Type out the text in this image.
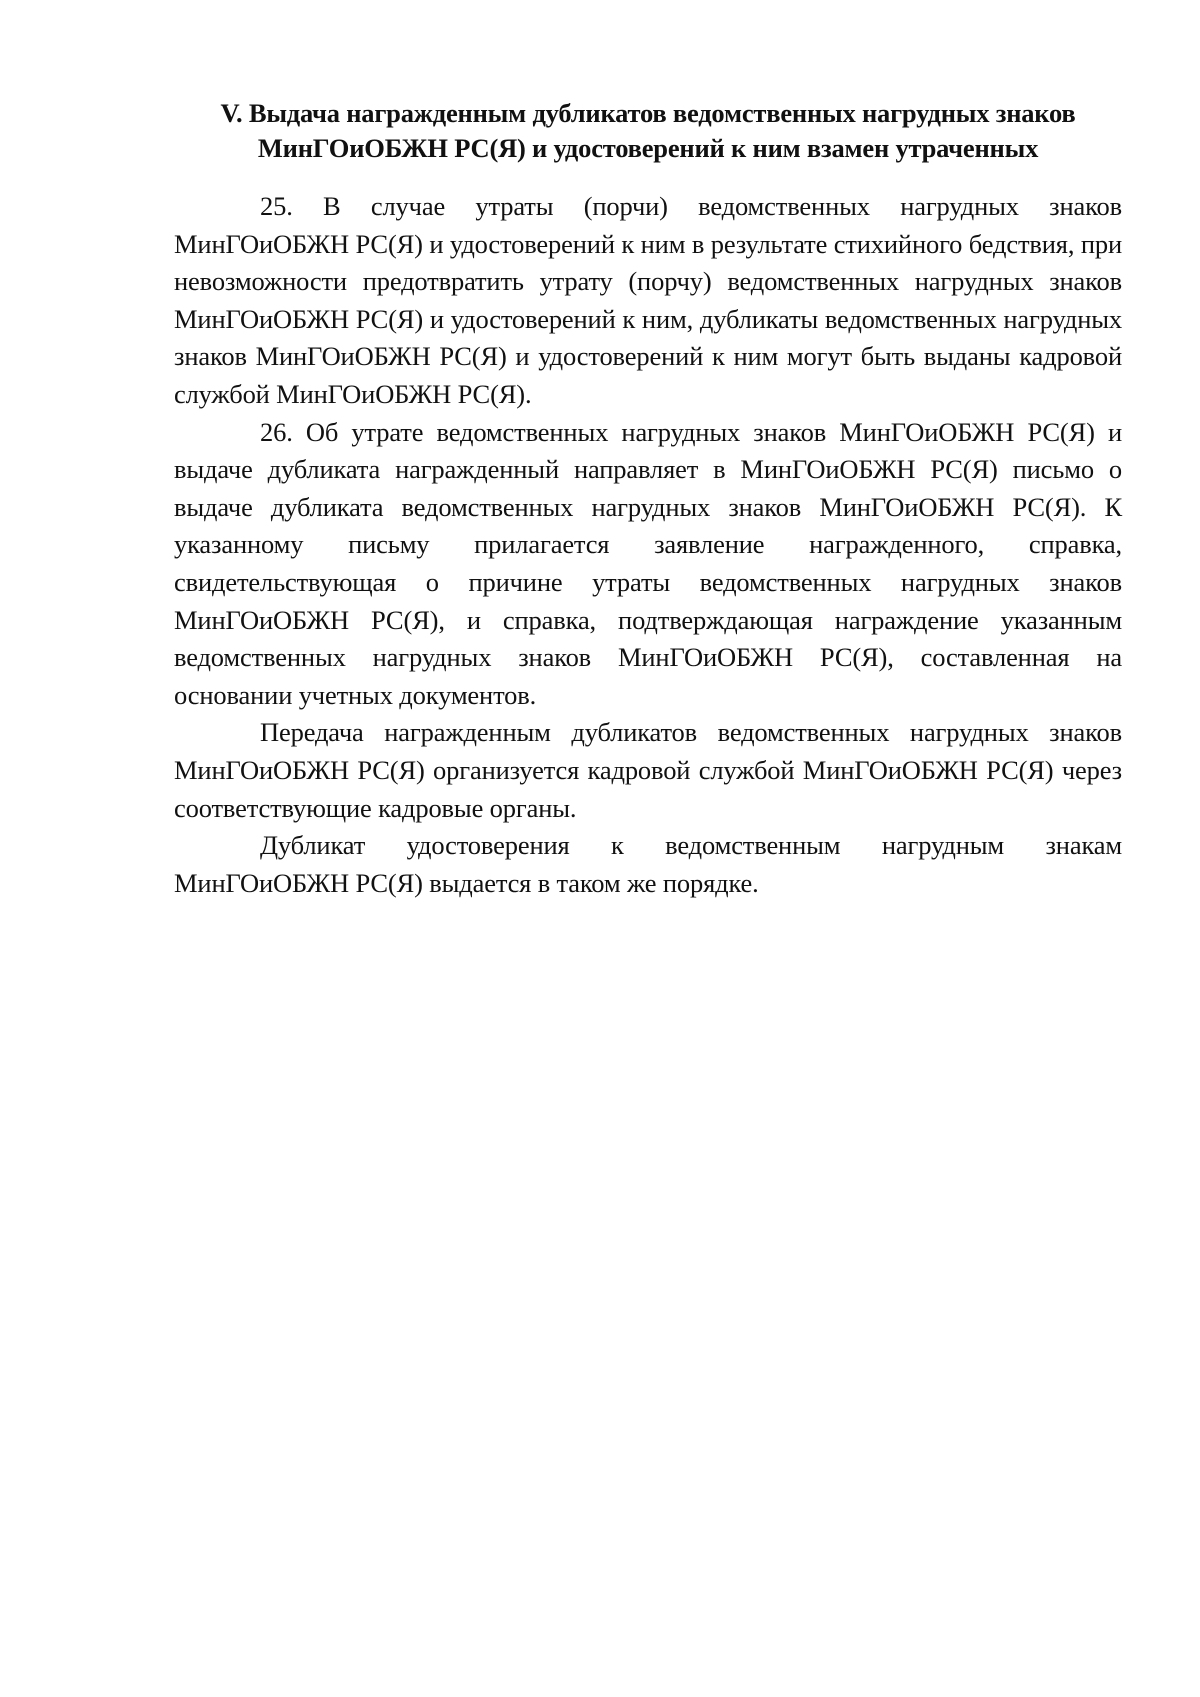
V. Выдача награжденным дубликатов ведомственных нагрудных знаков
МинГОиОБЖН РС(Я) и удостоверений к ним взамен утраченных

25. В случае утраты (порчи) ведомственных нагрудных знаков МинГОиОБЖН РС(Я) и удостоверений к ним в результате стихийного бедствия, при невозможности предотвратить утрату (порчу) ведомственных нагрудных знаков МинГОиОБЖН РС(Я) и удостоверений к ним, дубликаты ведомственных нагрудных знаков МинГОиОБЖН РС(Я) и удостоверений к ним могут быть выданы кадровой службой МинГОиОБЖН РС(Я).

26. Об утрате ведомственных нагрудных знаков МинГОиОБЖН РС(Я) и выдаче дубликата награжденный направляет в МинГОиОБЖН РС(Я) письмо о выдаче дубликата ведомственных нагрудных знаков МинГОиОБЖН РС(Я). К указанному письму прилагается заявление награжденного, справка, свидетельствующая о причине утраты ведомственных нагрудных знаков МинГОиОБЖН РС(Я), и справка, подтверждающая награждение указанным ведомственных нагрудных знаков МинГОиОБЖН РС(Я), составленная на основании учетных документов.

Передача награжденным дубликатов ведомственных нагрудных знаков МинГОиОБЖН РС(Я) организуется кадровой службой МинГОиОБЖН РС(Я) через соответствующие кадровые органы.

Дубликат удостоверения к ведомственным нагрудным знакам МинГОиОБЖН РС(Я) выдается в таком же порядке.
